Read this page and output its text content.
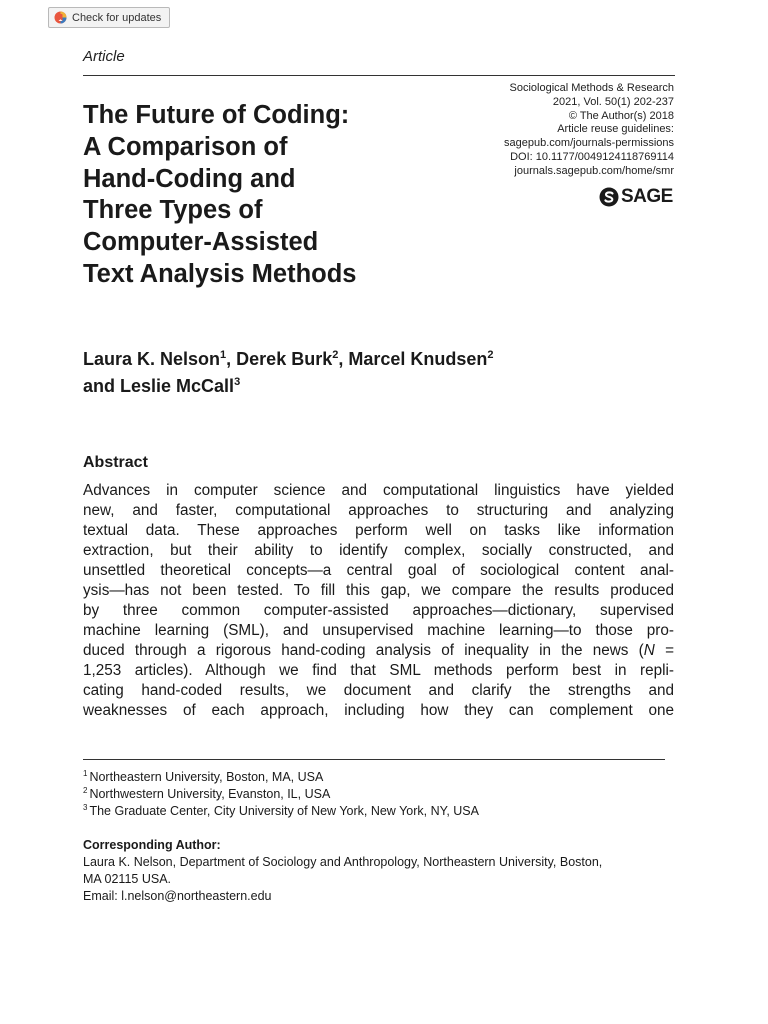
Check for updates
Article
Sociological Methods & Research
2021, Vol. 50(1) 202-237
© The Author(s) 2018
Article reuse guidelines:
sagepub.com/journals-permissions
DOI: 10.1177/0049124118769114
journals.sagepub.com/home/smr
SAGE
The Future of Coding:
A Comparison of
Hand-Coding and
Three Types of
Computer-Assisted
Text Analysis Methods
Laura K. Nelson$^1$, Derek Burk$^2$, Marcel Knudsen$^2$
and Leslie McCall$^3$
Abstract
Advances in computer science and computational linguistics have yielded
new, and faster, computational approaches to structuring and analyzing
textual data. These approaches perform well on tasks like information
extraction, but their ability to identify complex, socially constructed, and
unsettled theoretical concepts—a central goal of sociological content anal-
ysis—has not been tested. To fill this gap, we compare the results produced
by three common computer-assisted approaches—dictionary, supervised
machine learning (SML), and unsupervised machine learning—to those pro-
duced through a rigorous hand-coding analysis of inequality in the news (N =
1,253 articles). Although we find that SML methods perform best in repli-
cating hand-coded results, we document and clarify the strengths and
weaknesses of each approach, including how they can complement one
$^1$ Northeastern University, Boston, MA, USA
$^2$ Northwestern University, Evanston, IL, USA
$^3$ The Graduate Center, City University of New York, New York, NY, USA
Corresponding Author:
Laura K. Nelson, Department of Sociology and Anthropology, Northeastern University, Boston,
MA 02115 USA.
Email: l.nelson@northeastern.edu
